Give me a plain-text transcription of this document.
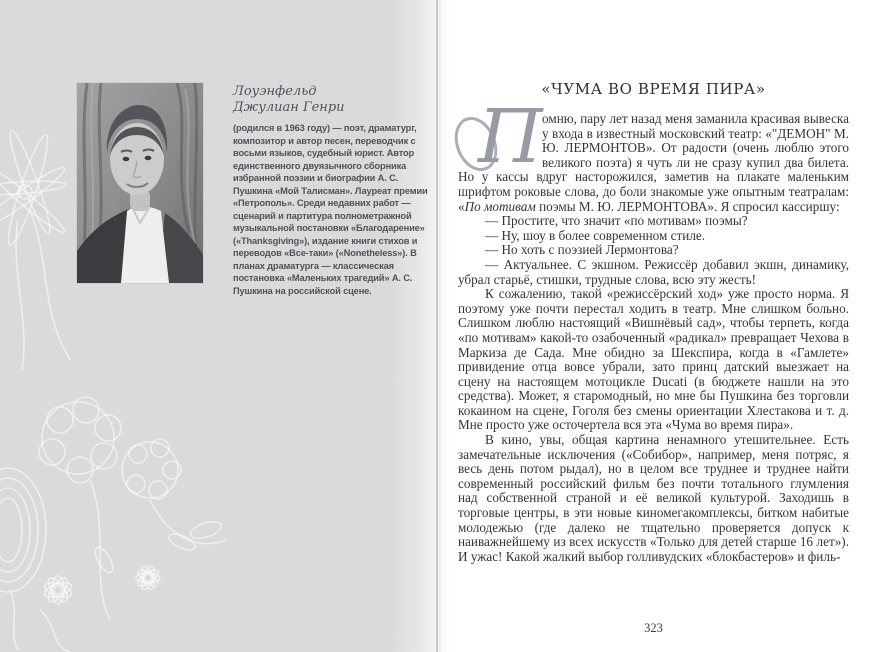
Лоуэнфельд
Джулиан Генри

(родился в 1963 году) — поэт, драматург, композитор и автор песен, переводчик с восьми языков, судебный юрист. Автор единственного двуязычного сборника избранной поэзии и биографии А. С. Пушкина «Мой Талисман». Лауреат премии «Петрополь». Среди недавних работ — сценарий и партитура полнометражной музыкальной постановки «Благодарение» («Thanksgiving»), издание книги стихов и переводов «Все-таки» («Nonetheless»). В планах драматурга — классическая постановка «Маленьких трагедий» А. С. Пушкина на российской сцене.

«ЧУМА ВО ВРЕМЯ ПИРА»

П омню, пару лет назад меня заманила красивая вывеска у входа в известный московский театр: «"ДЕМОН" М. Ю. ЛЕРМОНТОВ». От радости (очень люблю этого великого поэта) я чуть ли не сразу купил два билета. Но у кассы вдруг насторожился, заметив на плакате маленьким шрифтом роковые слова, до боли знакомые уже опытным театралам: «По мотивам поэмы М. Ю. ЛЕРМОНТОВА». Я спросил кассиршу:

— Простите, что значит «по мотивам» поэмы?

— Ну, шоу в более современном стиле.

— Но хоть с поэзией Лермонтова?

— Актуальнее. С экшном. Режиссёр добавил экшн, динамику, убрал старьё, стишки, трудные слова, всю эту жесть!

К сожалению, такой «режиссёрский ход» уже просто норма. Я поэтому уже почти перестал ходить в театр. Мне слишком больно. Слишком люблю настоящий «Вишнёвый сад», чтобы терпеть, когда «по мотивам» какой-то озабоченный «радикал» превращает Чехова в Маркиза де Сада. Мне обидно за Шекспира, когда в «Гамлете» привидение отца вовсе убрали, зато принц датский выезжает на сцену на настоящем мотоцикле Ducati (в бюджете нашли на это средства). Может, я старомодный, но мне бы Пушкина без торговли кокаином на сцене, Гоголя без смены ориентации Хлестакова и т. д. Мне просто уже осточертела вся эта «Чума во время пира».

В кино, увы, общая картина ненамного утешительнее. Есть замечательные исключения («Собибор», например, меня потряс, я весь день потом рыдал), но в целом все труднее и труднее найти современный российский фильм без почти тотального глумления над собственной страной и её великой культурой. Заходишь в торговые центры, в эти новые киномегакомплексы, битком набитые молодежью (где далеко не тщательно проверяется допуск к наиважнейшему из всех искусств «Только для детей старше 16 лет»). И ужас! Какой жалкий выбор голливудских «блокбастеров» и филь-

323
